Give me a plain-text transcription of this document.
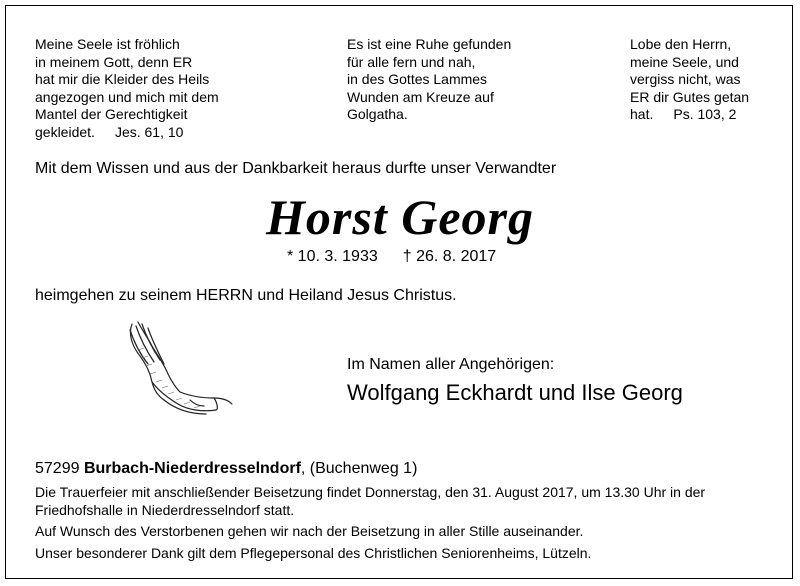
Meine Seele ist fröhlich
in meinem Gott, denn ER
hat mir die Kleider des Heils
angezogen und mich mit dem
Mantel der Gerechtigkeit
gekleidet. Jes. 61, 10
Es ist eine Ruhe gefunden
für alle fern und nah,
in des Gottes Lammes
Wunden am Kreuze auf
Golgatha.
Lobe den Herrn,
meine Seele, und
vergiss nicht, was
ER dir Gutes getan
hat. Ps. 103, 2
Mit dem Wissen und aus der Dankbarkeit heraus durfte unser Verwandter
Horst Georg
* 10. 3. 1933 † 26. 8. 2017
heimgehen zu seinem HERRN und Heiland Jesus Christus.
Im Namen aller Angehörigen:
Wolfgang Eckhardt und Ilse Georg
57299 Burbach-Niederdresselndorf, (Buchenweg 1)

Die Trauerfeier mit anschließender Beisetzung findet Donnerstag, den 31. August 2017, um 13.30 Uhr in der Friedhofshalle in Niederdresselndorf statt.

Auf Wunsch des Verstorbenen gehen wir nach der Beisetzung in aller Stille auseinander.

Unser besonderer Dank gilt dem Pflegepersonal des Christlichen Seniorenheims, Lützeln.
